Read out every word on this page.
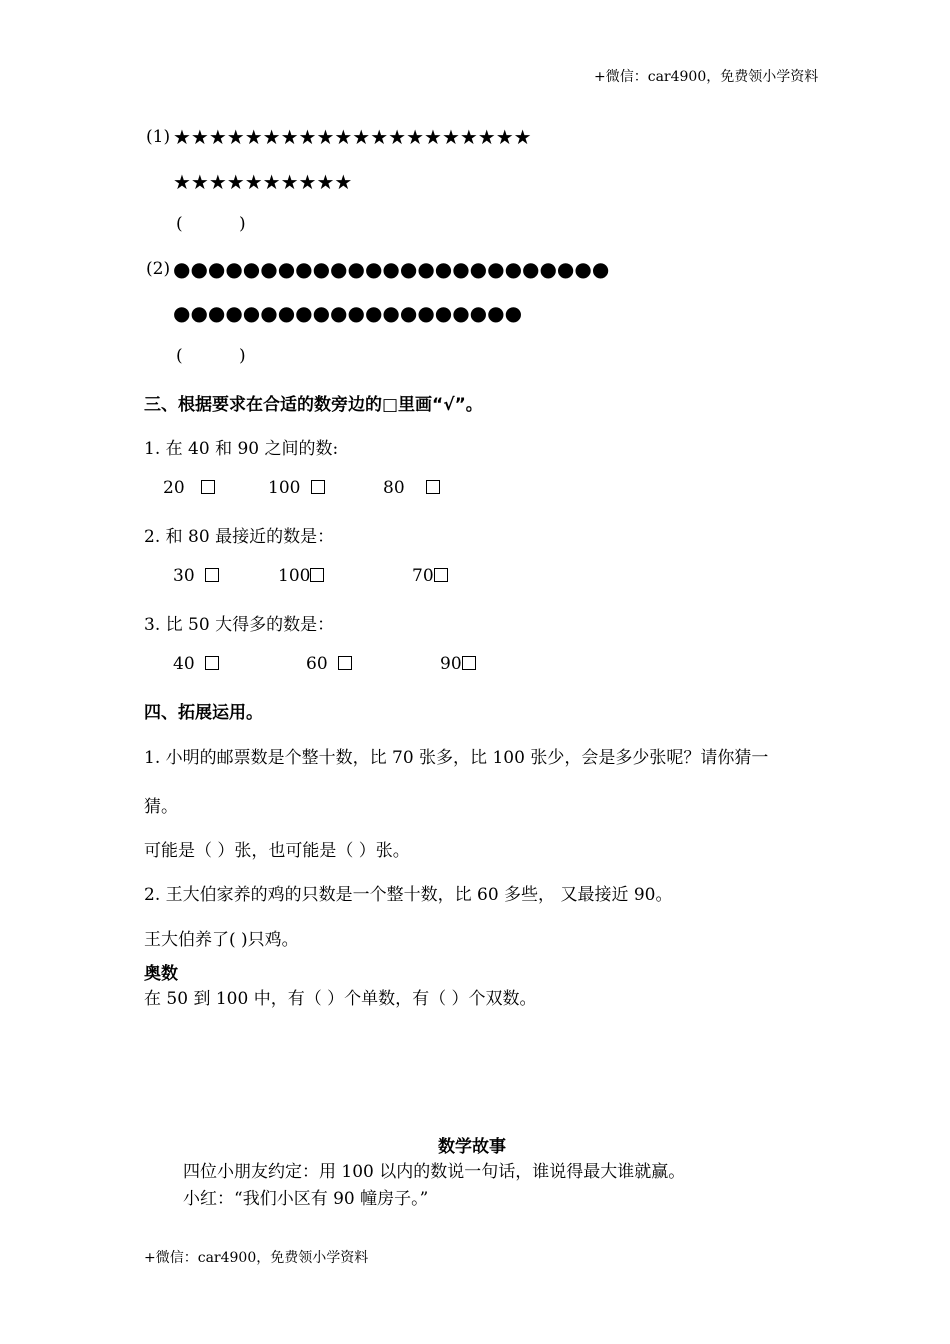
+微信：car4900，免费领小学资料
(1) ★★★★★★★★★★★★★★★★★★★★
★★★★★★★★★★
(	)
(2) ●●●●●●●●●●●●●●●●●●●●●●●●●
●●●●●●●●●●●●●●●●●●●●
(	)
三、根据要求在合适的数旁边的□里画“√”。
1. 在 40 和 90 之间的数:
20	100	80
2. 和 80 最接近的数是：
30	100	70
3. 比 50 大得多的数是：
40	60	90
四、拓展运用。
1. 小明的邮票数是个整十数，比 70 张多，比 100 张少，会是多少张呢？请你猜一
猜。
可能是（ ）张，也可能是（ ）张。
2. 王大伯家养的鸡的只数是一个整十数，比 60 多些， 又最接近 90。
王大伯养了( )只鸡。
奥数
在 50 到 100 中，有（ ）个单数，有（ ）个双数。
数学故事
四位小朋友约定：用 100 以内的数说一句话，谁说得最大谁就赢。
小红：“我们小区有 90 幢房子。”
+微信：car4900，免费领小学资料
